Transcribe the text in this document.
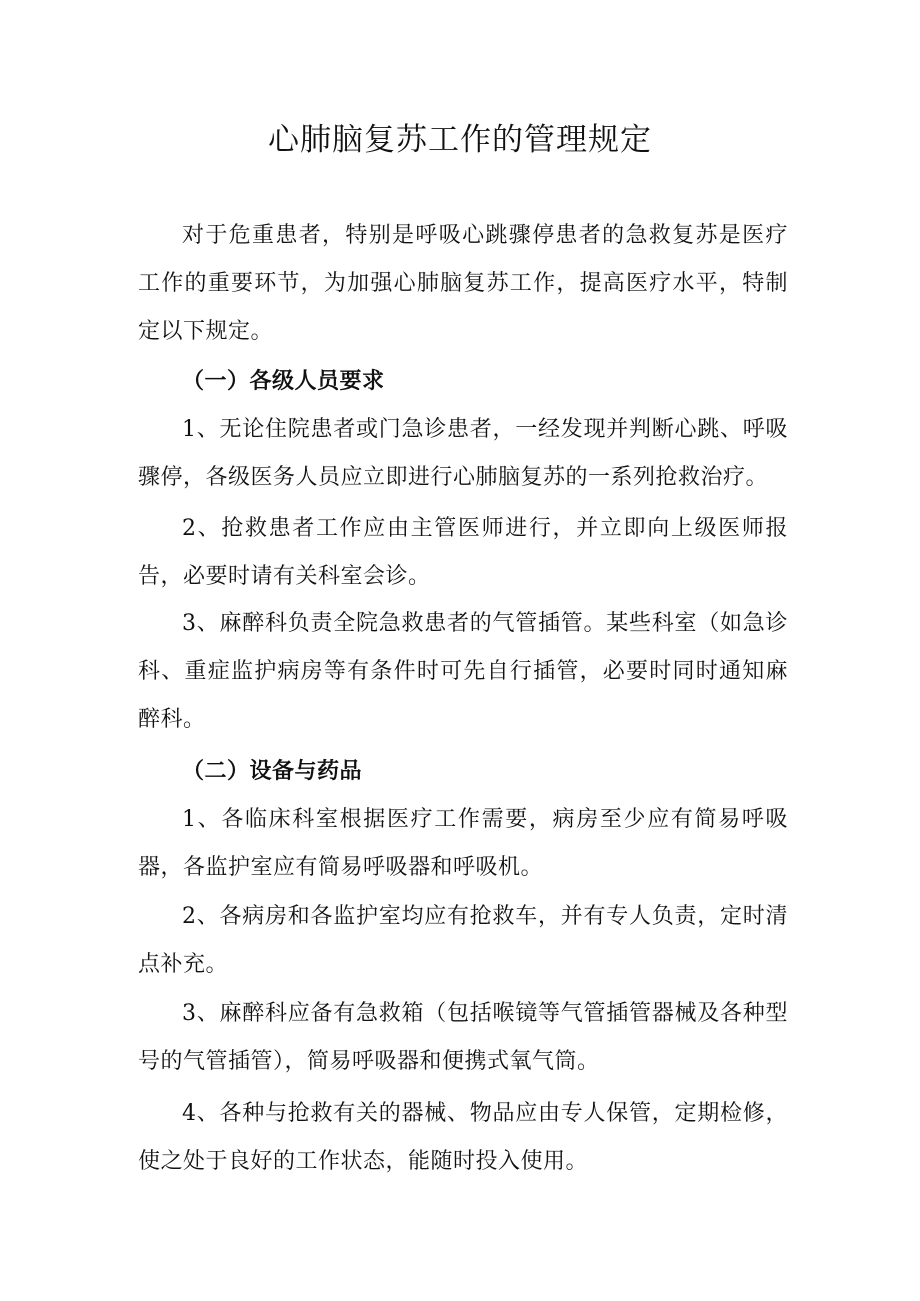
心肺脑复苏工作的管理规定

对于危重患者，特别是呼吸心跳骤停患者的急救复苏是医疗工作的重要环节，为加强心肺脑复苏工作，提高医疗水平，特制定以下规定。

（一）各级人员要求

1、无论住院患者或门急诊患者，一经发现并判断心跳、呼吸骤停，各级医务人员应立即进行心肺脑复苏的一系列抢救治疗。

2、抢救患者工作应由主管医师进行，并立即向上级医师报告，必要时请有关科室会诊。

3、麻醉科负责全院急救患者的气管插管。某些科室（如急诊科、重症监护病房等有条件时可先自行插管，必要时同时通知麻醉科。

（二）设备与药品

1、各临床科室根据医疗工作需要，病房至少应有简易呼吸器，各监护室应有简易呼吸器和呼吸机。

2、各病房和各监护室均应有抢救车，并有专人负责，定时清点补充。

3、麻醉科应备有急救箱（包括喉镜等气管插管器械及各种型号的气管插管），简易呼吸器和便携式氧气筒。

4、各种与抢救有关的器械、物品应由专人保管，定期检修，使之处于良好的工作状态，能随时投入使用。
